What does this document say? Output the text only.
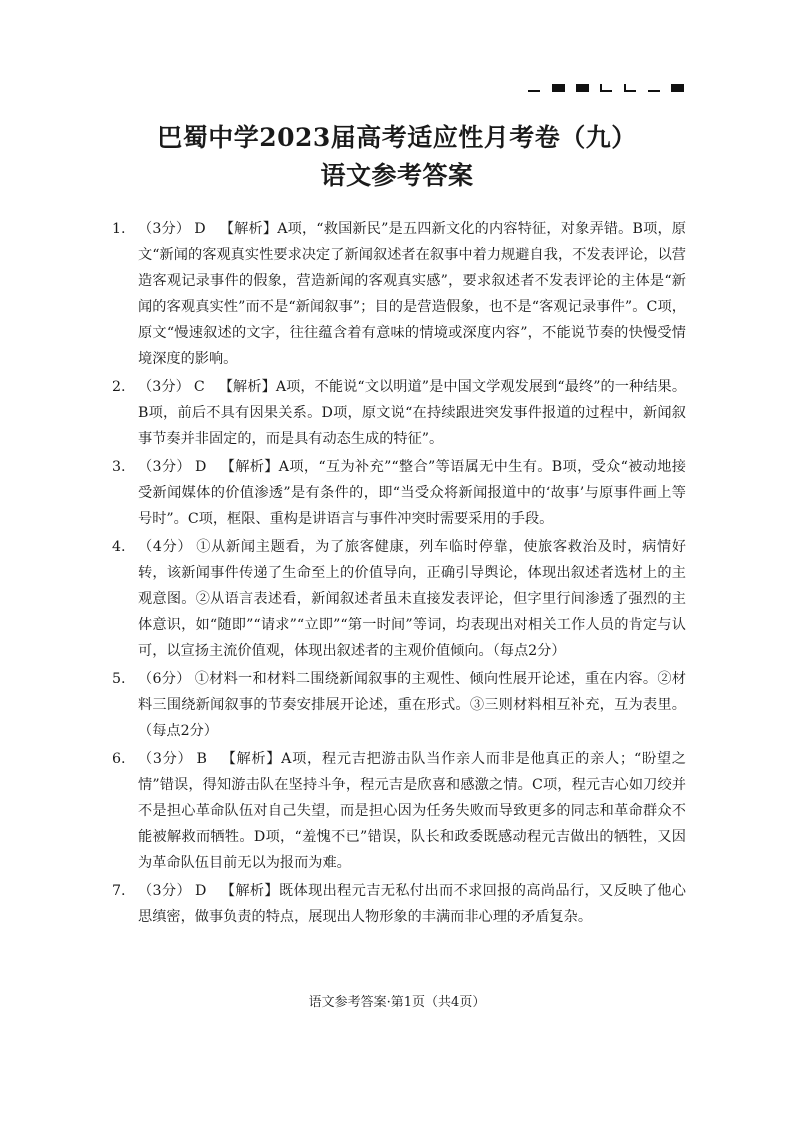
巴蜀中学2023届高考适应性月考卷（九）
语文参考答案
1. （3分） D 【解析】A项，“救国新民”是五四新文化的内容特征，对象弄错。B项，原文“新闻的客观真实性要求决定了新闻叙述者在叙事中着力规避自我，不发表评论，以营造客观记录事件的假象，营造新闻的客观真实感”，要求叙述者不发表评论的主体是“新闻的客观真实性”而不是“新闻叙事”；目的是营造假象，也不是“客观记录事件”。C项，原文“慢速叙述的文字，往往蕴含着有意味的情境或深度内容”，不能说节奏的快慢受情境深度的影响。
2. （3分） C 【解析】A项，不能说“文以明道”是中国文学观发展到“最终”的一种结果。B项，前后不具有因果关系。D项，原文说“在持续跟进突发事件报道的过程中，新闻叙事节奏并非固定的，而是具有动态生成的特征”。
3. （3分） D 【解析】A项，“互为补充”“整合”等语属无中生有。B项，受众“被动地接受新闻媒体的价值渗透”是有条件的，即“当受众将新闻报道中的‘故事’与原事件画上等号时”。C项，框限、重构是讲语言与事件冲突时需要采用的手段。
4. （4分） ①从新闻主题看，为了旅客健康，列车临时停靠，使旅客救治及时，病情好转，该新闻事件传递了生命至上的价值导向，正确引导舆论，体现出叙述者选材上的主观意图。②从语言表述看，新闻叙述者虽未直接发表评论，但字里行间渗透了强烈的主体意识，如“随即”“请求”“立即”“第一时间”等词，均表现出对相关工作人员的肯定与认可，以宣扬主流价值观，体现出叙述者的主观价值倾向。（每点2分）
5. （6分） ①材料一和材料二围绕新闻叙事的主观性、倾向性展开论述，重在内容。②材料三围绕新闻叙事的节奏安排展开论述，重在形式。③三则材料相互补充，互为表里。（每点2分）
6. （3分） B 【解析】A项，程元吉把游击队当作亲人而非是他真正的亲人；“盼望之情”错误，得知游击队在坚持斗争，程元吉是欣喜和感激之情。C项，程元吉心如刀绞并不是担心革命队伍对自己失望，而是担心因为任务失败而导致更多的同志和革命群众不能被解救而牺牲。D项，“羞愧不已”错误，队长和政委既感动程元吉做出的牺牲，又因为革命队伍目前无以为报而为难。
7. （3分） D 【解析】既体现出程元吉无私付出而不求回报的高尚品行，又反映了他心思缜密，做事负责的特点，展现出人物形象的丰满而非心理的矛盾复杂。
语文参考答案·第1页（共4页）
